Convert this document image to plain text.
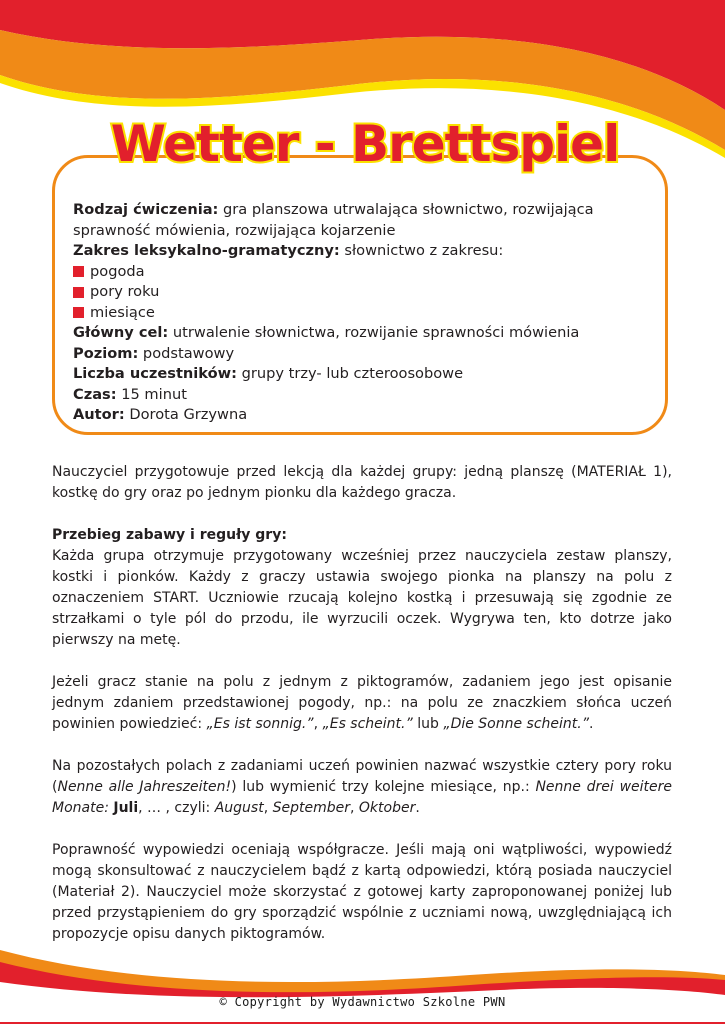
Wetter - Brettspiel
Rodzaj ćwiczenia: gra planszowa utrwalająca słownictwo, rozwijająca sprawność mówienia, rozwijająca kojarzenie
Zakres leksykalno-gramatyczny: słownictwo z zakresu:
pogoda
pory roku
miesiące
Główny cel: utrwalenie słownictwa, rozwijanie sprawności mówienia
Poziom: podstawowy
Liczba uczestników: grupy trzy- lub czteroosobowe
Czas: 15 minut
Autor: Dorota Grzywna

Nauczyciel przygotowuje przed lekcją dla każdej grupy: jedną planszę (MATERIAŁ 1), kostkę do gry oraz po jednym pionku dla każdego gracza.

Przebieg zabawy i reguły gry:
Każda grupa otrzymuje przygotowany wcześniej przez nauczyciela zestaw planszy, kostki i pionków. Każdy z graczy ustawia swojego pionka na planszy na polu z oznaczeniem START. Uczniowie rzucają kolejno kostką i przesuwają się zgodnie ze strzałkami o tyle pól do przodu, ile wyrzucili oczek. Wygrywa ten, kto dotrze jako pierwszy na metę.

Jeżeli gracz stanie na polu z jednym z piktogramów, zadaniem jego jest opisanie jednym zdaniem przedstawionej pogody, np.: na polu ze znaczkiem słońca uczeń powinien powiedzieć: „Es ist sonnig.”, „Es scheint.” lub „Die Sonne scheint.”.

Na pozostałych polach z zadaniami uczeń powinien nazwać wszystkie cztery pory roku (Nenne alle Jahreszeiten!) lub wymienić trzy kolejne miesiące, np.: Nenne drei weitere Monate: Juli, … , czyli: August, September, Oktober.

Poprawność wypowiedzi oceniają współgracze. Jeśli mają oni wątpliwości, wypowiedź mogą skonsultować z nauczycielem bądź z kartą odpowiedzi, którą posiada nauczyciel (Materiał 2). Nauczyciel może skorzystać z gotowej karty zaproponowanej poniżej lub przed przystąpieniem do gry sporządzić wspólnie z uczniami nową, uwzględniającą ich propozycje opisu danych piktogramów.

© Copyright by Wydawnictwo Szkolne PWN
